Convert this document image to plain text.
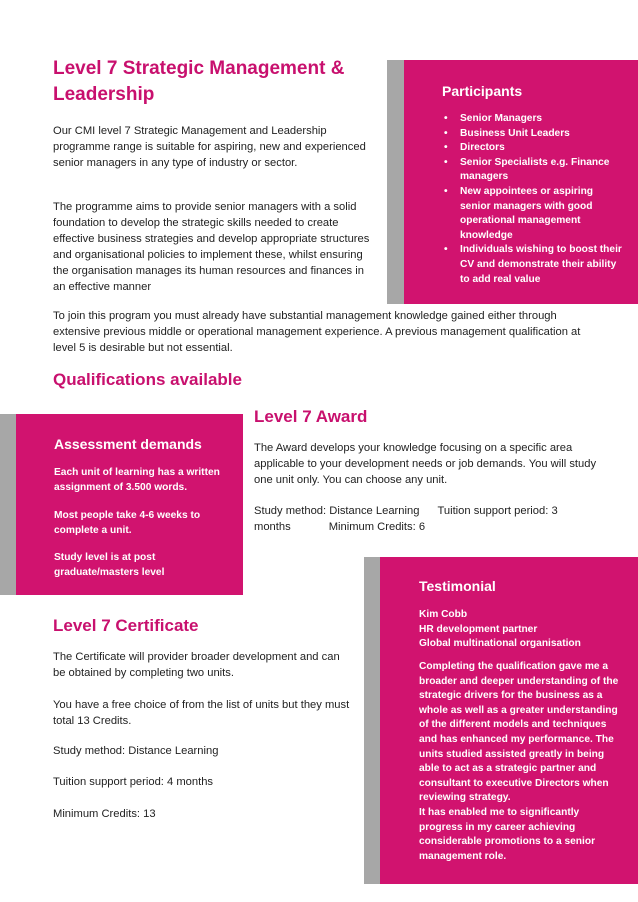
Level 7 Strategic Management & Leadership

Our CMI level 7 Strategic Management and Leadership programme range is suitable for aspiring, new and experienced senior managers in any type of industry or sector.

The programme aims to provide senior managers with a solid foundation to develop the strategic skills needed to create effective business strategies and develop appropriate structures and organisational policies to implement these, whilst ensuring the organisation manages its human resources and finances in an effective manner

Participants
• Senior Managers
• Business Unit Leaders
• Directors
• Senior Specialists e.g. Finance managers
• New appointees or aspiring senior managers with good operational management knowledge
• Individuals wishing to boost their CV and demonstrate their ability to add real value

To join this program you must already have substantial management knowledge gained either through extensive previous middle or operational management experience. A previous management qualification at level 5 is desirable but not essential.

Qualifications available
Assessment demands
Each unit of learning has a written assignment of 3.500 words.
Most people take 4-6 weeks to complete a unit.
Study level is at post graduate/masters level
Level 7 Award

The Award develops your knowledge focusing on a specific area applicable to your development needs or job demands. You will study one unit only. You can choose any unit.

Study method: Distance Learning Tuition support period: 3
months	Minimum Credits: 6
Testimonial
Kim Cobb
HR development partner
Global multinational organisation
Completing the qualification gave me a broader and deeper understanding of the strategic drivers for the business as a whole as well as a greater understanding of the different models and techniques and has enhanced my performance. The units studied assisted greatly in being able to act as a strategic partner and consultant to executive Directors when reviewing strategy.
It has enabled me to significantly progress in my career achieving considerable promotions to a senior management role.
Level 7 Certificate

The Certificate will provider broader development and can be obtained by completing two units.

You have a free choice of from the list of units but they must total 13 Credits.

Study method: Distance Learning

Tuition support period: 4 months

Minimum Credits: 13
